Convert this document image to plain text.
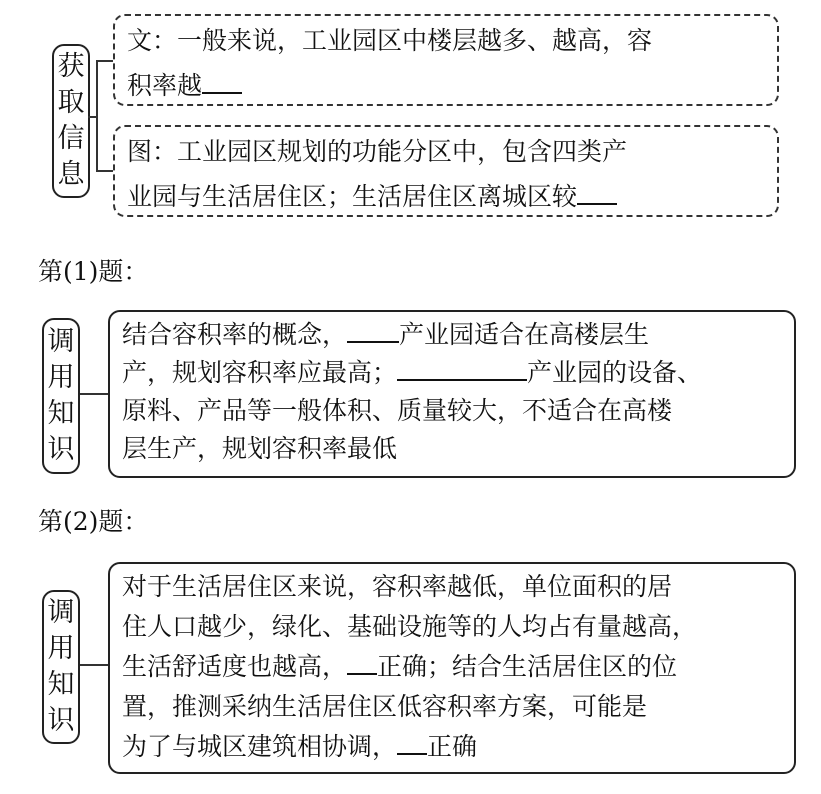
获
取
信
息
文：一般来说，工业园区中楼层越多、越高，容
积率越
图：工业园区规划的功能分区中，包含四类产
业园与生活居住区；生活居住区离城区较
第(1)题：
调
用
知
识
结合容积率的概念， 产业园适合在高楼层生
产，规划容积率应最高；	产业园的设备、
原料、产品等一般体积、质量较大，不适合在高楼
层生产，规划容积率最低
第(2)题：
调
用
知
识
对于生活居住区来说，容积率越低，单位面积的居
住人口越少，绿化、基础设施等的人均占有量越高，
生活舒适度也越高， 正确；结合生活居住区的位
置，推测采纳生活居住区低容积率方案，可能是
为了与城区建筑相协调， 正确
